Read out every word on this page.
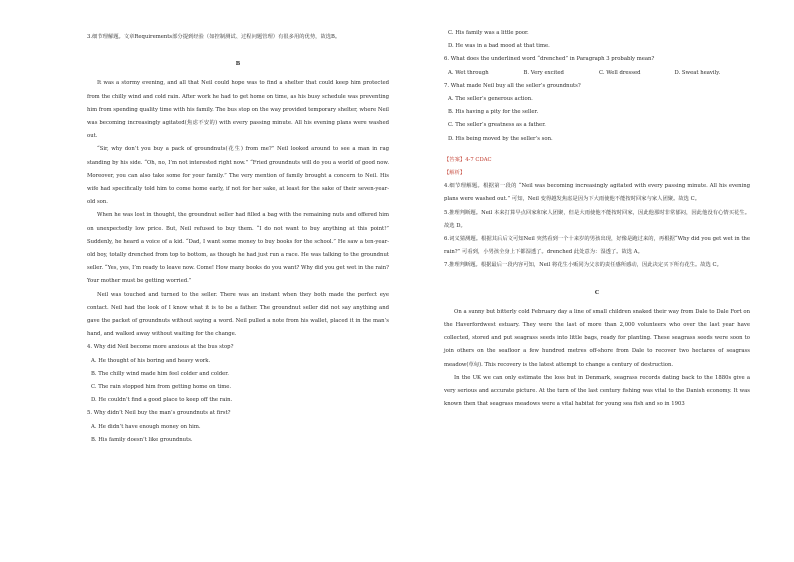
3.细节理解题。文章Requirements部分提到经验（如控制测试、过程问题管理）有很多用的优势，故选B。

B

It was a stormy evening, and all that Neil could hope was to find a shelter that could keep him protected from the chilly wind and cold rain. After work he had to get home on time, as his busy schedule was preventing him from spending quality time with his family. The bus stop on the way provided temporary shelter, where Neil was becoming increasingly agitated(焦虑不安的) with every passing minute. All his evening plans were washed out.

“Sir, why don’t you buy a pack of groundnuts(花生) from me?” Neil looked around to see a man in rag standing by his side. “Oh, no, I’m not interested right now.” “Fried groundnuts will do you a world of good now. Moreover, you can also take some for your family.” The very mention of family brought a concern to Neil. His wife had specifically told him to come home early, if not for her sake, at least for the sake of their seven-year-old son.

When he was lost in thought, the groundnut seller had filled a bag with the remaining nuts and offered him on unexpectedly low price. But, Neil refused to buy them. “I do not want to buy anything at this point!” Suddenly, he heard a voice of a kid. “Dad, I want some money to buy books for the school.” He saw a ten-year-old boy, totally drenched from top to bottom, as though he had just run a race. He was talking to the groundnut seller. “Yes, yes, I’m ready to leave now. Come! How many books do you want? Why did you get wet in the rain? Your mother must be getting worried.”

Neil was touched and turned to the seller. There was an instant when they both made the perfect eye contact. Neil had the look of I know what it is to be a father. The groundnut seller did not say anything and gave the packet of groundnuts without saying a word. Neil pulled a note from his wallet, placed it in the man’s hand, and walked away without waiting for the change.

4. Why did Neil become more anxious at the bus stop?

A. He thought of his boring and heavy work.

B. The chilly wind made him feel colder and colder.

C. The rain stopped him from getting home on time.

D. He couldn’t find a good place to keep off the rain.

5. Why didn’t Neil buy the man’s groundnuts at first?

A. He didn’t have enough money on him.

B. His family doesn’t like groundnuts.

C. His family was a little poor.

D. He was in a bad mood at that time.

6. What does the underlined word “drenched” in Paragraph 3 probably mean?

A. Wet through	B. Very excited	C. Well dressed	D. Sweat heavily.

7. What made Neil buy all the seller’s groundnuts?

A. The seller’s generous action.

B. His having a pity for the seller.

C. The seller’s greatness as a father.

D. His being moved by the seller’s son.

【答案】4-7 CDAC

【解析】

4.细节理解题。根据第一段的 “Neil was becoming increasingly agitated with every passing minute. All his evening plans were washed out.” 可知，Neil 变得越发焦虑是因为下大雨使他不能按时回家与家人团聚。故选 C。

5.推理判断题。Neil 本来打算早点回家和家人团聚，但是大雨使他不能按时回家，因此他那时非常郁闷，因此他没有心情买花生。故选 D。

6.词义猜测题。根据其后后文可知Neil 突然看到一个十来岁的男孩出现，好像是跑过来的，再根据“Why did you get wet in the rain?” 可看到，小男孩全身上下都湿透了。drenched 此处意为：湿透了。故选 A。

7.推理判断题。根据最后一段内容可知，Neil 将花生小贩同为父亲的责任感所感动，因此决定买下所有花生。故选 C。

C

On a sunny but bitterly cold February day a line of small children snaked their way from Dale to Dale Fort on the Haverfordwest estuary. They were the last of more than 2,000 volunteers who over the last year have collected, stored and put seagrass seeds into little bags, ready for planting. These seagrass seeds were soon to join others on the seafloor a few hundred metres off-shore from Dale to recover two hectares of seagrass meadow(草甸). This recovery is the latest attempt to change a century of destruction.

In the UK we can only estimate the loss but in Denmark, seagrass records dating back to the 1880s give a very serious and accurate picture. At the turn of the last century fishing was vital to the Danish economy. It was known then that seagrass meadows were a vital habitat for young sea fish and so in 1903
